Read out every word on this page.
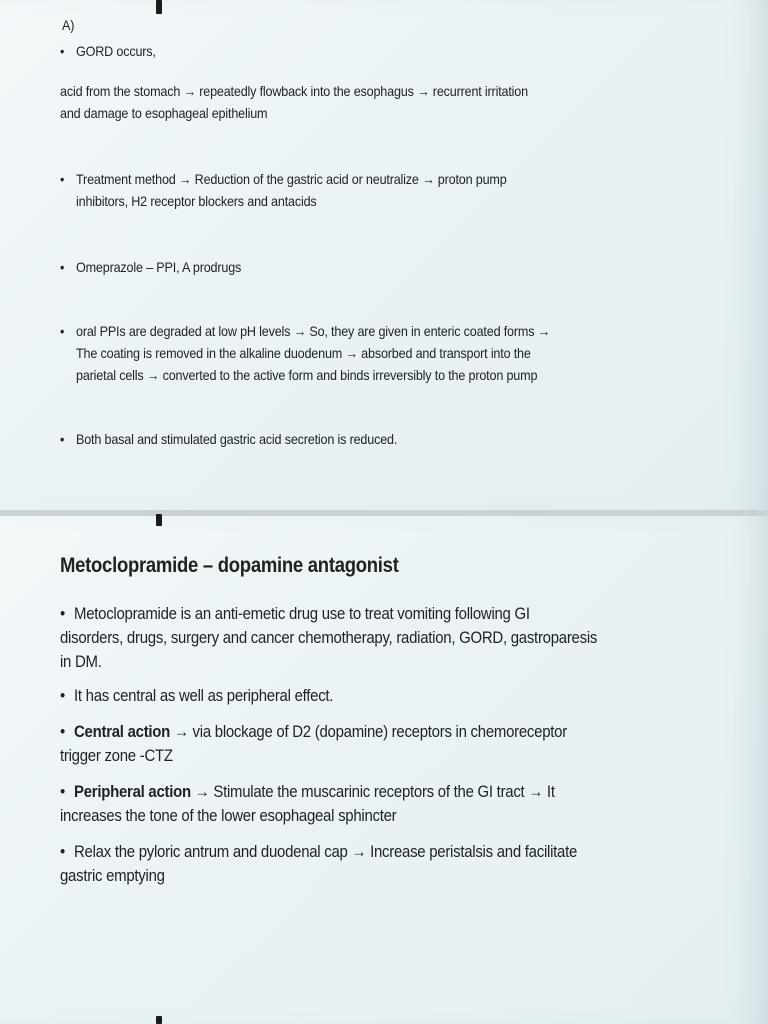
A)
• GORD occurs,
acid from the stomach → repeatedly flowback into the esophagus → recurrent irritation
and damage to esophageal epithelium
• Treatment method → Reduction of the gastric acid or neutralize → proton pump
inhibitors, H2 receptor blockers and antacids
• Omeprazole – PPI, A prodrugs
• oral PPIs are degraded at low pH levels → So, they are given in enteric coated forms →
The coating is removed in the alkaline duodenum → absorbed and transport into the
parietal cells → converted to the active form and binds irreversibly to the proton pump
• Both basal and stimulated gastric acid secretion is reduced.
Metoclopramide – dopamine antagonist
• Metoclopramide is an anti-emetic drug use to treat vomiting following GI
disorders, drugs, surgery and cancer chemotherapy, radiation, GORD, gastroparesis
in DM.
• It has central as well as peripheral effect.
• Central action → via blockage of D2 (dopamine) receptors in chemoreceptor
trigger zone -CTZ
• Peripheral action → Stimulate the muscarinic receptors of the GI tract → It
increases the tone of the lower esophageal sphincter
• Relax the pyloric antrum and duodenal cap → Increase peristalsis and facilitate
gastric emptying
